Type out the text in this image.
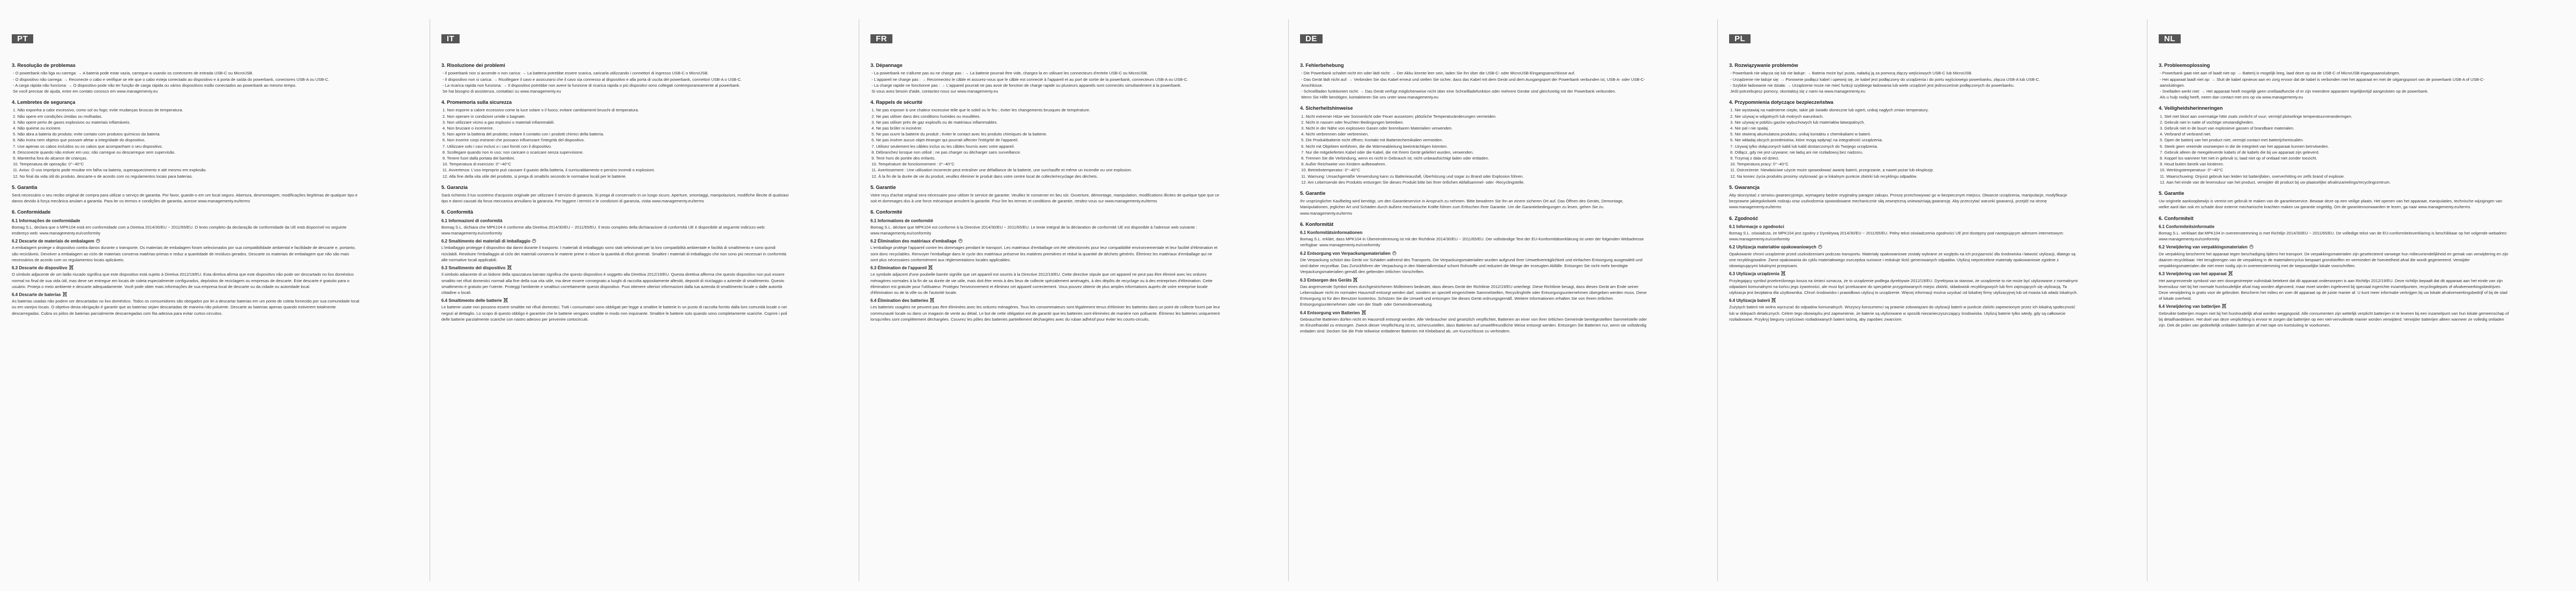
PT
3. Resolução de problemas
- O powerbank não liga ou carrega: → A bateria pode estar vazia, carregue-a usando os conectores de entrada USB-C ou MicroUSB.
- O dispositivo não carrega: → Reconecte o cabo e verifique se ele que o cabo esteja conectado ao dispositivo e à porta de saída do powerbank, conectores USB-A ou USB-C.
- A carga rápida não funciona: → O dispositivo pode não ter função de carga rápida ou vários dispositivos estão conectados ao powerbank ao mesmo tempo.
Se você precisar de ajuda, entre em contato conosco em www.managementy.eu
4. Lembretes de segurança
1. Não exponha a calor excessivo, como sol ou fogo; evite mudanças bruscas de temperatura.
2. Não opere em condições úmidas ou molhadas.
3. Não opere perto de gases explosivos ou materiais inflamáveis.
4. Não queime ou incinere.
5. Não abra a bateria do produto; evite contato com produtos químicos da bateria.
6. Não insira nem objetos que possam afetar a integridade do dispositivo.
7. Use apenas os cabos incluídos ou os cabos que acompanham o seu dispositivo.
8. Desconecte quando não estiver em uso; não carregue ou descarregue sem supervisão.
9. Mantenha fora do alcance de crianças.
10. Temperatura de operação: 0°~40°C
11. Aviso: O uso impróprio pode resultar em falha na bateria, superaquecimento e até mesmo em explosão.
12. No final da vida útil do produto, descarte-o de acordo com os regulamentos locais para baterias.
5. Garantia
Será necessário o seu recibo original de compra para utilizar o serviço de garantia. Por favor, guarde-o em um local seguro. Abertura, desmontagem, modificações ilegítimas de qualquer tipo e danos devido à força mecânica anulam a garantia. Para ler os termos e condições de garantia, acesse www.managementy.eu/terms
6. Conformidade
6.1 Informações de conformidade
Bomag S.L. declara que o MPK104 está em conformidade com a Diretiva 2014/30/EU ~ 2011/65/EU. O texto completo da declaração de conformidade da UE está disponível no seguinte endereço web: www.managementy.eu/conformity
6.2 Descarte de materiais de embalagem
A embalagem protege o dispositivo contra danos durante o transporte. Os materiais de embalagem foram selecionados por sua compatibilidade ambiental e facilidade de descarte e, portanto, são recicláveis. Devolver a embalagem ao ciclo de materiais conserva matérias-primas e reduz a quantidade de resíduos gerados. Descarte os materiais de embalagem que não são mais necessários de acordo com os regulamentos locais aplicáveis.
6.3 Descarte do dispositivo
O símbolo adjacente de um latão riscado significa que este dispositivo está sujeito à Diretiva 2012/19/EU. Esta diretiva afirma que este dispositivo não pode ser descartado no lixo doméstico normal no final de sua vida útil, mas deve ser entregue em locais de coleta especialmente configurados, depósitos de reciclagem ou empresas de descarte. Este descarte é gratuito para o usuário. Proteja o meio ambiente e descarte adequadamente. Você pode obter mais informações de sua empresa local de descarte ou da cidade ou autoridade local.
6.4 Descarte de baterias
As baterias usadas não podem ser descartadas no lixo doméstico. Todos os consumidores são obrigados por lei a descartar baterias em um ponto de coleta fornecido por sua comunidade local ou em varejos locais. O objetivo desta obrigação é garantir que as baterias sejam descartadas de maneira não poluente. Descarte as baterias apenas quando estiverem totalmente descarregadas. Cubra os pólos de baterias parcialmente descarregadas com fita adesiva para evitar curtos-circuitos.
IT
3. Risoluzione dei problemi
- Il powerbank non si accende o non carica: → La batteria potrebbe essere scarica, caricarla utilizzando i connettori di ingresso USB-C o MicroUSB.
- Il dispositivo non si carica: → Ricollegare il cavo e assicurarsi che il cavo sia connesso al dispositivo e alla porta di uscita del powerbank, connettori USB-A o USB-C.
- La ricarica rapida non funziona: → Il dispositivo potrebbe non avere la funzione di ricarica rapida o più dispositivi sono collegati contemporaneamente al powerbank.
Se hai bisogno di assistenza, contattaci su www.managementy.eu
4. Promemoria sulla sicurezza
1. Non esporre a calore eccessivo come la luce solare o il fuoco; evitare cambiamenti bruschi di temperatura.
2. Non operare in condizioni umide o bagnate.
3. Non utilizzare vicino a gas esplosivi o materiali infiammabili.
4. Non bruciare o incenerire.
5. Non aprire la batteria del prodotto; evitare il contatto con i prodotti chimici della batteria.
6. Non inserire corpi estranei che possano influenzare l'integrità del dispositivo.
7. Utilizzare solo i cavi inclusi o i cavi forniti con il dispositivo.
8. Scollegare quando non in uso; non caricare o scaricare senza supervisione.
9. Tenere fuori dalla portata dei bambini.
10. Temperatura di esercizio: 0°~40°C
11. Avvertenza: L'uso improprio può causare il guasto della batteria, il surriscaldamento e persino incendi o esplosioni.
12. Alla fine della vita utile del prodotto, si prega di smaltirlo secondo le normative locali per le batterie.
5. Garanzia
Sarà richiesto il tuo scontrino d'acquisto originale per utilizzare il servizio di garanzia. Si prega di conservarlo in un luogo sicuro. Aperture, smontaggi, manipolazioni, modifiche illecite di qualsiasi tipo e danni causati da forza meccanica annullano la garanzia. Per leggere i termini e le condizioni di garanzia, visita www.managementy.eu/terms
6. Conformità
6.1 Informazioni di conformità
Bomag S.L. dichiara che MPK104 è conforme alla Direttiva 2014/30/EU ~ 2011/65/EU. Il testo completo della dichiarazione di conformità UE è disponibile al seguente indirizzo web: www.managementy.eu/conformity
6.2 Smaltimento dei materiali di imballaggio
L'imballaggio protegge il dispositivo dai danni durante il trasporto. I materiali di imballaggio sono stati selezionati per la loro compatibilità ambientale e facilità di smaltimento e sono quindi riciclabili. Restituire l'imballaggio al ciclo dei materiali conserva le materie prime e riduce la quantità di rifiuti generati. Smaltire i materiali di imballaggio che non sono più necessari in conformità alle normative locali applicabili.
6.3 Smaltimento del dispositivo
Il simbolo adiacente di un bidone della spazzatura barrato significa che questo dispositivo è soggetto alla Direttiva 2012/19/EU. Questa direttiva afferma che questo dispositivo non può essere smaltito nei rifiuti domestici normali alla fine della sua vita utile, ma deve essere consegnato a luoghi di raccolta appositamente allestiti, depositi di riciclaggio o aziende di smaltimento. Questo smaltimento è gratuito per l'utente. Proteggi l'ambiente e smaltisci correttamente questo dispositivo. Puoi ottenere ulteriori informazioni dalla tua azienda di smaltimento locale o dalle autorità cittadine o locali.
6.4 Smaltimento delle batterie
Le batterie usate non possono essere smaltite nei rifiuti domestici. Tutti i consumatori sono obbligati per legge a smaltire le batterie in un punto di raccolta fornito dalla loro comunità locale o nei negozi al dettaglio. Lo scopo di questo obbligo è garantire che le batterie vengano smaltite in modo non inquinante. Smaltire le batterie solo quando sono completamente scariche. Coprire i poli delle batterie parzialmente scariche con nastro adesivo per prevenire cortocircuiti.
FR
3. Dépannage
- La powerbank ne s'allume pas ou ne charge pas : → La batterie pourrait être vide, chargez-la en utilisant les connecteurs d'entrée USB-C ou MicroUSB.
- L'appareil ne charge pas : → Reconnectez le câble et assurez-vous que le câble est connecté à l'appareil et au port de sortie de la powerbank, connecteurs USB-A ou USB-C.
- La charge rapide ne fonctionne pas : → L'appareil pourrait ne pas avoir de fonction de charge rapide ou plusieurs appareils sont connectés simultanément à la powerbank.
Si vous avez besoin d'aide, contactez-nous sur www.managementy.eu
4. Rappels de sécurité
1. Ne pas exposer à une chaleur excessive telle que le soleil ou le feu ; éviter les changements brusques de température.
2. Ne pas utiliser dans des conditions humides ou mouillées.
3. Ne pas utiliser près de gaz explosifs ou de matériaux inflammables.
4. Ne pas brûler ni incinérer.
5. Ne pas ouvrir la batterie du produit ; éviter le contact avec les produits chimiques de la batterie.
6. Ne pas insérer aucun objet étranger qui pourrait affecter l'intégrité de l'appareil.
7. Utilisez seulement les câbles inclus ou les câbles fournis avec votre appareil.
8. Débranchez lorsque non utilisé ; ne pas charger ou décharger sans surveillance.
9. Tenir hors de portée des enfants.
10. Température de fonctionnement : 0°~40°C
11. Avertissement : Une utilisation incorrecte peut entraîner une défaillance de la batterie, une surchauffe et même un incendie ou une explosion.
12. À la fin de la durée de vie du produit, veuillez éliminer le produit dans votre centre local de collecte/recyclage des déchets.
5. Garantie
Votre reçu d'achat original sera nécessaire pour utiliser le service de garantie. Veuillez le conserver en lieu sûr. Ouverture, démontage, manipulation, modifications illicites de quelque type que ce soit et dommages dus à une force mécanique annulent la garantie. Pour lire les termes et conditions de garantie, rendez-vous sur www.managementy.eu/terms
6. Conformité
6.1 Informations de conformité
Bomag S.L. déclare que MPK104 est conforme à la Directive 2014/30/EU ~ 2011/65/EU. Le texte intégral de la déclaration de conformité UE est disponible à l'adresse web suivante : www.managementy.eu/conformity
6.2 Élimination des matériaux d'emballage
L'emballage protège l'appareil contre les dommages pendant le transport. Les matériaux d'emballage ont été sélectionnés pour leur compatibilité environnementale et leur facilité d'élimination et sont donc recyclables. Renvoyer l'emballage dans le cycle des matériaux préserve les matières premières et réduit la quantité de déchets générés. Éliminez les matériaux d'emballage qui ne sont plus nécessaires conformément aux réglementations locales applicables.
6.3 Élimination de l'appareil
Le symbole adjacent d'une poubelle barrée signifie que cet appareil est soumis à la Directive 2012/19/EU. Cette directive stipule que cet appareil ne peut pas être éliminé avec les ordures ménagères normales à la fin de sa durée de vie utile, mais doit être remis à des lieux de collecte spécialement aménagés, à des dépôts de recyclage ou à des entreprises d'élimination. Cette élimination est gratuite pour l'utilisateur. Protégez l'environnement et éliminez cet appareil correctement. Vous pouvez obtenir de plus amples informations auprès de votre entreprise locale d'élimination ou de la ville ou de l'autorité locale.
6.4 Élimination des batteries
Les batteries usagées ne peuvent pas être éliminées avec les ordures ménagères. Tous les consommateurs sont légalement tenus d'éliminer les batteries dans un point de collecte fourni par leur communauté locale ou dans un magasin de vente au détail. Le but de cette obligation est de garantir que les batteries sont éliminées de manière non polluante. Éliminez les batteries uniquement lorsqu'elles sont complètement déchargées. Couvrez les pôles des batteries partiellement déchargées avec du ruban adhésif pour éviter les courts-circuits.
DE
3. Fehlerbehebung
- Die Powerbank schaltet nicht ein oder lädt nicht: → Der Akku könnte leer sein, laden Sie ihn über die USB-C- oder MicroUSB-Eingangsanschlüsse auf.
- Das Gerät lädt nicht auf: → Verbinden Sie das Kabel erneut und stellen Sie sicher, dass das Kabel mit dem Gerät und dem Ausgangsport der Powerbank verbunden ist, USB-A- oder USB-C-Anschlüsse.
- Schnellladen funktioniert nicht: → Das Gerät verfügt möglicherweise nicht über eine Schnellladefunktion oder mehrere Geräte sind gleichzeitig mit der Powerbank verbunden.
Wenn Sie Hilfe benötigen, kontaktieren Sie uns unter www.managementy.eu
4. Sicherheitshinweise
1. Nicht extremer Hitze wie Sonnenlicht oder Feuer aussetzen; plötzliche Temperaturänderungen vermeiden.
2. Nicht in nassen oder feuchten Bedingungen betreiben.
3. Nicht in der Nähe von explosiven Gasen oder brennbaren Materialien verwenden.
4. Nicht verbrennen oder verbrennen.
5. Die Produktbatterie nicht öffnen; Kontakt mit Batteriechemikalien vermeiden.
6. Nicht mit Objekten einführen, die die Wärmeableitung beeinträchtigen könnten.
7. Nur die mitgelieferten Kabel oder die Kabel, die mit Ihrem Gerät geliefert wurden, verwenden.
8. Trennen Sie die Verbindung, wenn es nicht in Gebrauch ist; nicht unbeaufsichtigt laden oder entladen.
9. Außer Reichweite von Kindern aufbewahren.
10. Betriebstemperatur: 0°~40°C
11. Warnung: Unsachgemäße Verwendung kann zu Batterieausfall, Überhitzung und sogar zu Brand oder Explosion führen.
12. Am Lebensende des Produkts entsorgen Sie dieses Produkt bitte bei Ihrer örtlichen Abfallsammel- oder -Recyclingstelle.
5. Garantie
Ihr ursprünglicher Kaufbeleg wird benötigt, um den Garantieservice in Anspruch zu nehmen. Bitte bewahren Sie ihn an einem sicheren Ort auf. Das Öffnen des Geräts, Demontage, Manipulationen, jeglicher Art und Schäden durch äußere mechanische Kräfte führen zum Erlöschen Ihrer Garantie. Um die Garantiebedingungen zu lesen, gehen Sie zu www.managementy.eu/terms
6. Konformität
6.1 Konformitätsinformationen
Bomag S.L. erklärt, dass MPK104 in Übereinstimmung ist mit der Richtlinie 2014/30/EU ~ 2011/65/EU. Der vollständige Text der EU-Konformitätserklärung ist unter der folgenden Webadresse verfügbar: www.managementy.eu/conformity
6.2 Entsorgung von Verpackungsmaterialien
Die Verpackung schützt das Gerät vor Schäden während des Transports. Die Verpackungsmaterialien wurden aufgrund ihrer Umweltverträglichkeit und einfachen Entsorgung ausgewählt und sind daher recycelbar. Das Zurückführen der Verpackung in den Materialkreislauf schont Rohstoffe und reduziert die Menge der erzeugten Abfälle. Entsorgen Sie nicht mehr benötigte Verpackungsmaterialien gemäß den geltenden örtlichen Vorschriften.
6.3 Entsorgen des Geräts
Das angrenzende Symbol eines durchgestrichenen Mülleimers bedeutet, dass dieses Gerät der Richtlinie 2012/19/EU unterliegt. Diese Richtlinie besagt, dass dieses Gerät am Ende seiner Lebensdauer nicht im normalen Hausmüll entsorgt werden darf, sondern an speziell eingerichtete Sammelstellen, Recyclinghöfe oder Entsorgungsunternehmen übergeben werden muss. Diese Entsorgung ist für den Benutzer kostenlos. Schützen Sie die Umwelt und entsorgen Sie dieses Gerät ordnungsgemäß. Weitere Informationen erhalten Sie von Ihrem örtlichen Entsorgungsunternehmen oder von der Stadt- oder Gemeindeverwaltung.
6.4 Entsorgung von Batterien
Gebrauchte Batterien dürfen nicht im Hausmüll entsorgt werden. Alle Verbraucher sind gesetzlich verpflichtet, Batterien an einer von ihrer örtlichen Gemeinde bereitgestellten Sammelstelle oder im Einzelhandel zu entsorgen. Zweck dieser Verpflichtung ist es, sicherzustellen, dass Batterien auf umweltfreundliche Weise entsorgt werden. Entsorgen Sie Batterien nur, wenn sie vollständig entladen sind. Decken Sie die Pole teilweise entladener Batterien mit Klebeband ab, um Kurzschlüsse zu verhindern.
PL
3. Rozwiązywanie problemów
- Powerbank nie włącza się lub nie ładuje: → Bateria może być pusta, naładuj ją za pomocą złączy wejściowych USB-C lub MicroUSB.
- Urządzenie nie ładuje się: → Ponownie podłącz kabel i upewnij się, że kabel jest podłączony do urządzenia i do portu wyjściowego powerbanku, złącza USB-A lub USB-C.
- Szybkie ładowanie nie działa: → Urządzenie może nie mieć funkcji szybkiego ładowania lub wiele urządzeń jest jednocześnie podłączonych do powerbanku.
Jeśli potrzebujesz pomocy, skontaktuj się z nami na www.managementy.eu
4. Przypomnienia dotyczące bezpieczeństwa
1. Nie wystawiaj na nadmierne ciepło, takie jak światło słoneczne lub ogień; unikaj nagłych zmian temperatury.
2. Nie używaj w wilgotnych lub mokrych warunkach.
3. Nie używaj w pobliżu gazów wybuchowych lub materiałów łatwopalnych.
4. Nie pal i nie spalaj.
5. Nie otwieraj akumulatora produktu; unikaj kontaktu z chemikaliami w baterii.
6. Nie wkładaj obcych przedmiotów, które mogą wpłynąć na integralność urządzenia.
7. Używaj tylko dołączonych kabli lub kabli dostarczonych do Twojego urządzenia.
8. Odłącz, gdy nie jest używane; nie ładuj ani nie rozładowuj bez nadzoru.
9. Trzymaj z dala od dzieci.
10. Temperatura pracy: 0°~40°C
11. Ostrzeżenie: Niewłaściwe użycie może spowodować awarię baterii, przegrzanie, a nawet pożar lub eksplozję.
12. Na koniec życia produktu prosimy utylizować go w lokalnym punkcie zbiórki lub recyklingu odpadów.
5. Gwarancja
Aby skorzystać z serwisu gwarancyjnego, wymagany będzie oryginalny paragon zakupu. Proszę przechowywać go w bezpiecznym miejscu. Otwarcie urządzenia, manipulacje, modyfikacje bezprawne jakiegokolwiek rodzaju oraz uszkodzenia spowodowane mechanicznie siłą zewnętrzną unieważniają gwarancję. Aby przeczytać warunki gwarancji, przejdź na stronę www.managementy.eu/terms
6. Zgodność
6.1 Informacje o zgodności
Bomag S.L. oświadcza, że MPK104 jest zgodny z Dyrektywą 2014/30/EU ~ 2011/65/EU. Pełny tekst oświadczenia zgodności UE jest dostępny pod następującym adresem internetowym: www.managementy.eu/conformity
6.2 Utylizacja materiałów opakowaniowych
Opakowanie chroni urządzenie przed uszkodzeniami podczas transportu. Materiały opakowaniowe zostały wybrane ze względu na ich przyjazność dla środowiska i łatwość utylizacji, dlatego są one recyklingowalne. Zwrot opakowania do cyklu materiałowego oszczędza surowce i redukuje ilość generowanych odpadów. Utylizuj niepotrzebne materiały opakowaniowe zgodnie z obowiązującymi lokalnymi przepisami.
6.3 Utylizacja urządzenia
Przylegający symbol przekreślonego kosza na śmieci oznacza, że to urządzenie podlega dyrektywie 2012/19/EU. Dyrektywa ta stanowi, że urządzenie to nie może być utylizowane z normalnymi odpadami komunalnymi na końcu jego żywotności, ale musi być przekazane do specjalnie przygotowanych miejsc zbiórki, składowisk recyklingowych lub firm zajmujących się utylizacją. Ta utylizacja jest bezpłatna dla użytkownika. Chroń środowisko i prawidłowo utylizuj to urządzenie. Więcej informacji można uzyskać od lokalnej firmy utylizacyjnej lub od miasta lub władz lokalnych.
6.4 Utylizacja baterii
Zużytych baterii nie wolno wyrzucać do odpadów komunalnych. Wszyscy konsumenci są prawnie zobowiązani do utylizacji baterii w punkcie zbiórki zapewnionym przez ich lokalną społeczność lub w sklepach detalicznych. Celem tego obowiązku jest zapewnienie, że baterie są utylizowane w sposób niezanieczyszczający środowiska. Utylizuj baterie tylko wtedy, gdy są całkowicie rozładowane. Przykryj bieguny częściowo rozładowanych baterii taśmą, aby zapobiec zwarciom.
NL
3. Probleemoplossing
- Powerbank gaat niet aan of laadt niet op: → Batterij is mogelijk leeg, laad deze op via de USB-C of MicroUSB-ingangsaansluitingen.
- Het apparaat laadt niet op: → Sluit de kabel opnieuw aan en zorg ervoor dat de kabel is verbonden met het apparaat en met de uitgangspoort van de powerbank USB-A of USB-C-aansluitingen.
- Snelladen werkt niet: → Het apparaat heeft mogelijk geen snellaadfunctie of er zijn meerdere apparaten tegelijkertijd aangesloten op de powerbank.
Als u hulp nodig heeft, neem dan contact met ons op via www.managementy.eu
4. Veiligheidsherinneringen
1. Stel niet bloot aan overmatige hitte zoals zonlicht of vuur; vermijd plotselinge temperatuurveranderingen.
2. Gebruik niet in natte of vochtige omstandigheden.
3. Gebruik niet in de buurt van explosieve gassen of brandbare materialen.
4. Verbrand of verbrand niet.
5. Open de batterij van het product niet; vermijd contact met batterijchemicaliën.
6. Steek geen vreemde voorwerpen in die de integriteit van het apparaat kunnen beïnvloeden.
7. Gebruik alleen de meegeleverde kabels of de kabels die bij uw apparaat zijn geleverd.
8. Koppel los wanneer het niet in gebruik is; laad niet op of ontlaad niet zonder toezicht.
9. Houd buiten bereik van kinderen.
10. Werkingstemperatuur: 0°~40°C
11. Waarschuwing: Onjuist gebruik kan leiden tot batterijfalen, oververhitting en zelfs brand of explosie.
12. Aan het einde van de levensduur van het product, verwijder dit product bij uw plaatselijke afvalinzamelings/recyclingcentrum.
5. Garantie
Uw originele aankoopbewijs is vereist om gebruik te maken van de garantieservice. Bewaar deze op een veilige plaats. Het openen van het apparaat, manipulaties, technische wijzigingen van welke aard dan ook en schade door externe mechanische krachten maken uw garantie ongeldig. Om de garantievoorwaarden te lezen, ga naar www.managementy.eu/terms
6. Conformiteit
6.1 Conformiteitsinformatie
Bomag S.L. verklaart dat MPK104 in overeenstemming is met Richtlijn 2014/30/EU ~ 2011/65/EU. De volledige tekst van de EU-conformiteitsverklaring is beschikbaar op het volgende webadres: www.managementy.eu/conformity
6.2 Verwijdering van verpakkingsmaterialen
De verpakking beschermt het apparaat tegen beschadiging tijdens het transport. De verpakkingsmaterialen zijn geselecteerd vanwege hun milieuvriendelijkheid en gemak van verwijdering en zijn daarom recyclebaar. Het terugbrengen van de verpakking in de materialencyclus bespaart grondstoffen en vermindert de hoeveelheid afval die wordt gegenereerd. Verwijder verpakkingsmaterialen die niet meer nodig zijn in overeenstemming met de toepasselijke lokale voorschriften.
6.3 Verwijdering van het apparaat
Het aangrenzende symbool van een doorgestreepte vuilnisbak betekent dat dit apparaat onderworpen is aan Richtlijn 2012/19/EU. Deze richtlijn bepaalt dat dit apparaat aan het einde van zijn levensduur niet bij het normale huishoudelijke afval mag worden afgevoerd, maar moet worden ingeleverd bij speciaal ingerichte inzamelpunten, recyclingdepots of afvalverwerkingsbedrijven. Deze verwijdering is gratis voor de gebruiker. Bescherm het milieu en voer dit apparaat op de juiste manier af. U kunt meer informatie verkrijgen bij uw lokale afvalverwerkingsbedrijf of bij de stad of lokale overheid.
6.4 Verwijdering van batterijen
Gebruikte batterijen mogen niet bij het huishoudelijk afval worden weggegooid. Alle consumenten zijn wettelijk verplicht batterijen in te leveren bij een inzamelpunt van hun lokale gemeenschap of bij detailhandelaren. Het doel van deze verplichting is ervoor te zorgen dat batterijen op een niet-vervuilende manier worden verwijderd. Verwijder batterijen alleen wanneer ze volledig ontladen zijn. Dek de polen van gedeeltelijk ontladen batterijen af met tape om kortsluiting te voorkomen.
